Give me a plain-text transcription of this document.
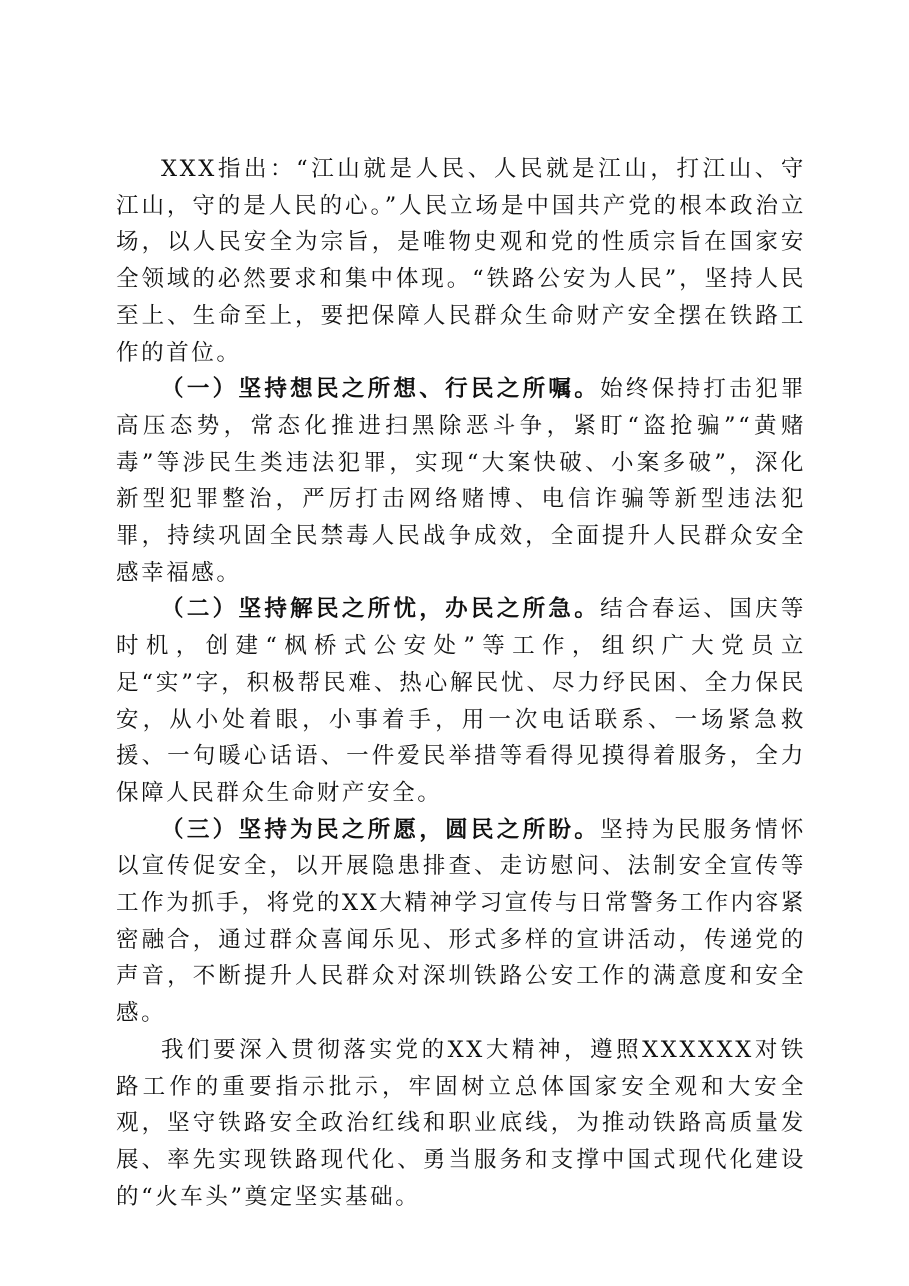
XXX指出：“江山就是人民、人民就是江山，打江山、守江山，守的是人民的心。”人民立场是中国共产党的根本政治立场，以人民安全为宗旨，是唯物史观和党的性质宗旨在国家安全领域的必然要求和集中体现。“铁路公安为人民”，坚持人民至上、生命至上，要把保障人民群众生命财产安全摆在铁路工作的首位。

（一）坚持想民之所想、行民之所嘱。始终保持打击犯罪高压态势，常态化推进扫黑除恶斗争，紧盯“盗抢骗”“黄赌毒”等涉民生类违法犯罪，实现“大案快破、小案多破”，深化新型犯罪整治，严厉打击网络赌博、电信诈骗等新型违法犯罪，持续巩固全民禁毒人民战争成效，全面提升人民群众安全感幸福感。

（二）坚持解民之所忧，办民之所急。结合春运、国庆等时机，创建“枫桥式公安处”等工作，组织广大党员立足“实”字，积极帮民难、热心解民忧、尽力纾民困、全力保民安，从小处着眼，小事着手，用一次电话联系、一场紧急救援、一句暖心话语、一件爱民举措等看得见摸得着服务，全力保障人民群众生命财产安全。

（三）坚持为民之所愿，圆民之所盼。坚持为民服务情怀以宣传促安全，以开展隐患排查、走访慰问、法制安全宣传等工作为抓手，将党的XX大精神学习宣传与日常警务工作内容紧密融合，通过群众喜闻乐见、形式多样的宣讲活动，传递党的声音，不断提升人民群众对深圳铁路公安工作的满意度和安全感。

我们要深入贯彻落实党的XX大精神，遵照XXXXXX对铁路工作的重要指示批示，牢固树立总体国家安全观和大安全观，坚守铁路安全政治红线和职业底线，为推动铁路高质量发展、率先实现铁路现代化、勇当服务和支撑中国式现代化建设的“火车头”奠定坚实基础。
